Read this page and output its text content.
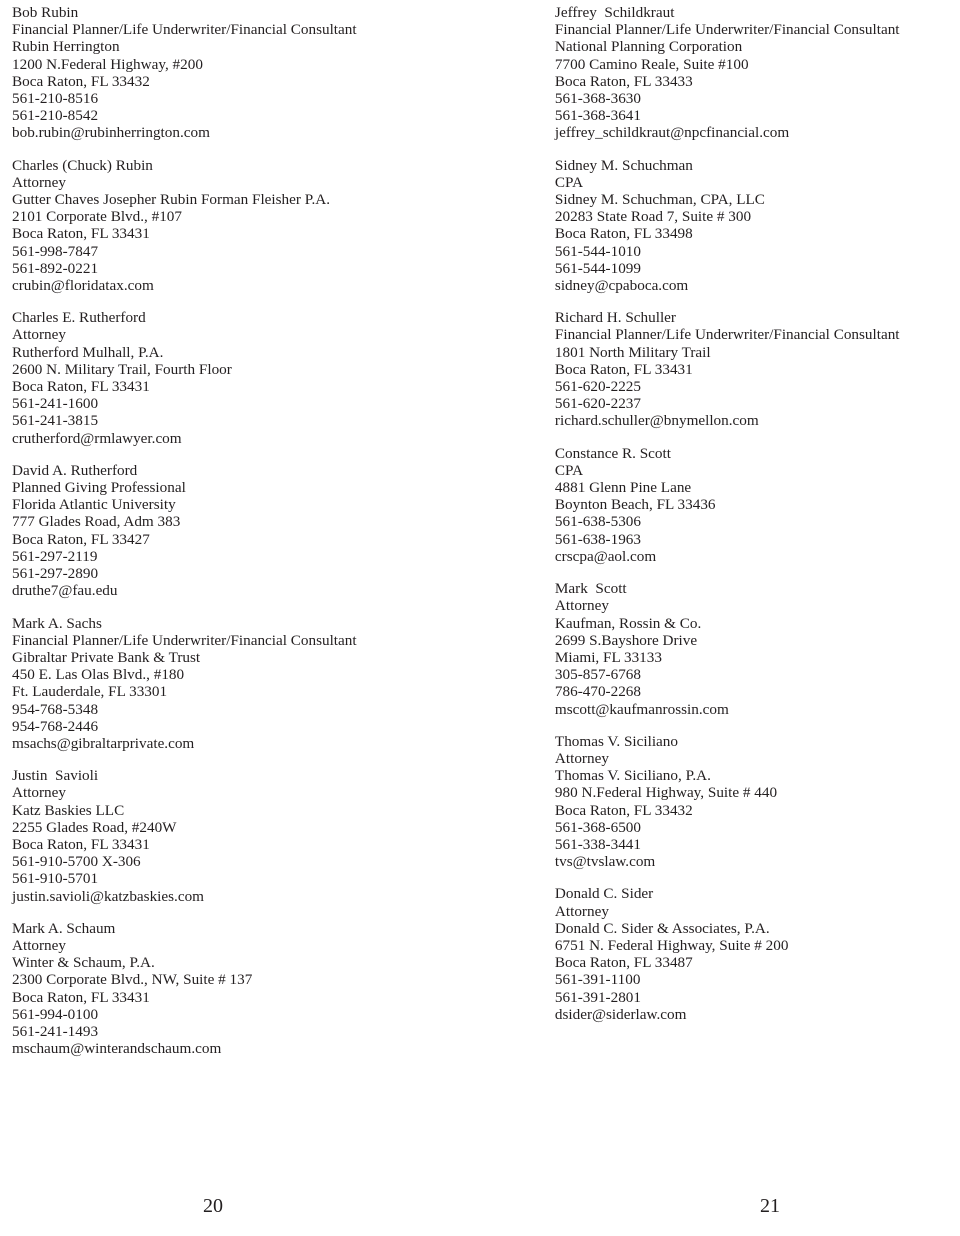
Bob Rubin
Financial Planner/Life Underwriter/Financial Consultant
Rubin Herrington
1200 N.Federal Highway, #200
Boca Raton, FL 33432
561-210-8516
561-210-8542
bob.rubin@rubinherrington.com
Charles (Chuck) Rubin
Attorney
Gutter Chaves Josepher Rubin Forman Fleisher P.A.
2101 Corporate Blvd., #107
Boca Raton, FL 33431
561-998-7847
561-892-0221
crubin@floridatax.com
Charles E. Rutherford
Attorney
Rutherford Mulhall, P.A.
2600 N. Military Trail, Fourth Floor
Boca Raton, FL 33431
561-241-1600
561-241-3815
crutherford@rmlawyer.com
David A. Rutherford
Planned Giving Professional
Florida Atlantic University
777 Glades Road, Adm 383
Boca Raton, FL 33427
561-297-2119
561-297-2890
druthe7@fau.edu
Mark A. Sachs
Financial Planner/Life Underwriter/Financial Consultant
Gibraltar Private Bank & Trust
450 E. Las Olas Blvd., #180
Ft. Lauderdale, FL 33301
954-768-5348
954-768-2446
msachs@gibraltarprivate.com
Justin  Savioli
Attorney
Katz Baskies LLC
2255 Glades Road, #240W
Boca Raton, FL 33431
561-910-5700 X-306
561-910-5701
justin.savioli@katzbaskies.com
Mark A. Schaum
Attorney
Winter & Schaum, P.A.
2300 Corporate Blvd., NW, Suite # 137
Boca Raton, FL 33431
561-994-0100
561-241-1493
mschaum@winterandschaum.com
Jeffrey  Schildkraut
Financial Planner/Life Underwriter/Financial Consultant
National Planning Corporation
7700 Camino Reale, Suite #100
Boca Raton, FL 33433
561-368-3630
561-368-3641
jeffrey_schildkraut@npcfinancial.com
Sidney M. Schuchman
CPA
Sidney M. Schuchman, CPA, LLC
20283 State Road 7, Suite # 300
Boca Raton, FL 33498
561-544-1010
561-544-1099
sidney@cpaboca.com
Richard H. Schuller
Financial Planner/Life Underwriter/Financial Consultant
1801 North Military Trail
Boca Raton, FL 33431
561-620-2225
561-620-2237
richard.schuller@bnymellon.com
Constance R. Scott
CPA
4881 Glenn Pine Lane
Boynton Beach, FL 33436
561-638-5306
561-638-1963
crscpa@aol.com
Mark  Scott
Attorney
Kaufman, Rossin & Co.
2699 S.Bayshore Drive
Miami, FL 33133
305-857-6768
786-470-2268
mscott@kaufmanrossin.com
Thomas V. Siciliano
Attorney
Thomas V. Siciliano, P.A.
980 N.Federal Highway, Suite # 440
Boca Raton, FL 33432
561-368-6500
561-338-3441
tvs@tvslaw.com
Donald C. Sider
Attorney
Donald C. Sider & Associates, P.A.
6751 N. Federal Highway, Suite # 200
Boca Raton, FL 33487
561-391-1100
561-391-2801
dsider@siderlaw.com
20	21
